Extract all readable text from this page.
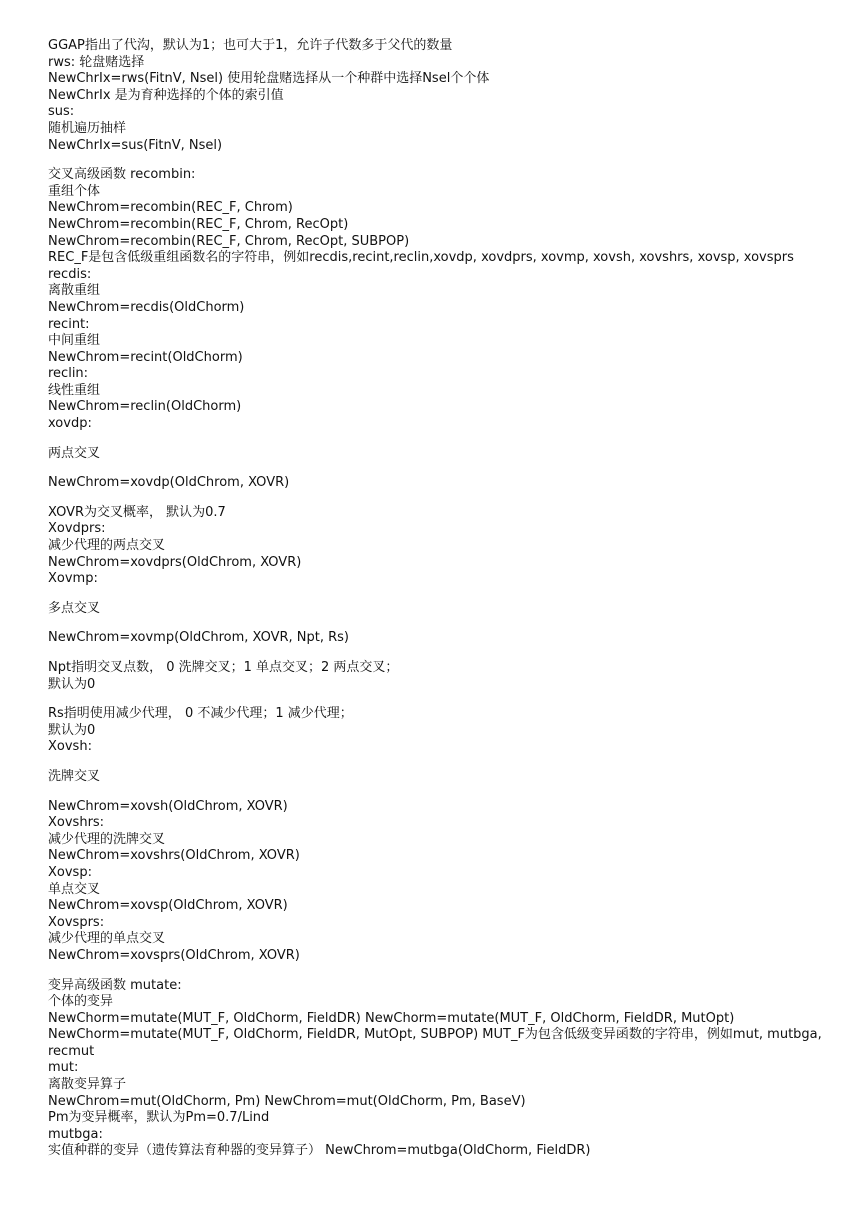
GGAP指出了代沟，默认为1；也可大于1，允许子代数多于父代的数量
rws: 轮盘赌选择
NewChrIx=rws(FitnV, Nsel) 使用轮盘赌选择从一个种群中选择Nsel个个体
NewChrIx 是为育种选择的个体的索引值
sus:
随机遍历抽样
NewChrIx=sus(FitnV, Nsel)
交叉高级函数 recombin:
重组个体
NewChrom=recombin(REC_F, Chrom)
NewChrom=recombin(REC_F, Chrom, RecOpt)
NewChrom=recombin(REC_F, Chrom, RecOpt, SUBPOP)
REC_F是包含低级重组函数名的字符串，例如recdis,recint,reclin,xovdp, xovdprs, xovmp, xovsh, xovshrs, xovsp, xovsprs
recdis:
离散重组
NewChrom=recdis(OldChorm)
recint:
中间重组
NewChrom=recint(OldChorm)
reclin:
线性重组
NewChrom=reclin(OldChorm)
xovdp:
两点交叉
NewChrom=xovdp(OldChrom, XOVR)
XOVR为交叉概率， 默认为0.7
Xovdprs:
减少代理的两点交叉
NewChrom=xovdprs(OldChrom, XOVR)
Xovmp:
多点交叉
NewChrom=xovmp(OldChrom, XOVR, Npt, Rs)
Npt指明交叉点数， 0 洗牌交叉；1 单点交叉；2 两点交叉；
默认为0
Rs指明使用减少代理， 0 不减少代理；1 减少代理；
默认为0
Xovsh:
洗牌交叉
NewChrom=xovsh(OldChrom, XOVR)
Xovshrs:
减少代理的洗牌交叉
NewChrom=xovshrs(OldChrom, XOVR)
Xovsp:
单点交叉
NewChrom=xovsp(OldChrom, XOVR)
Xovsprs:
减少代理的单点交叉
NewChrom=xovsprs(OldChrom, XOVR)
变异高级函数 mutate:
个体的变异
NewChorm=mutate(MUT_F, OldChorm, FieldDR) NewChorm=mutate(MUT_F, OldChorm, FieldDR, MutOpt)
NewChorm=mutate(MUT_F, OldChorm, FieldDR, MutOpt, SUBPOP) MUT_F为包含低级变异函数的字符串，例如mut, mutbga, recmut
mut:
离散变异算子
NewChrom=mut(OldChorm, Pm) NewChrom=mut(OldChorm, Pm, BaseV)
Pm为变异概率，默认为Pm=0.7/Lind
mutbga:
实值种群的变异（遗传算法育种器的变异算子） NewChrom=mutbga(OldChorm, FieldDR)
